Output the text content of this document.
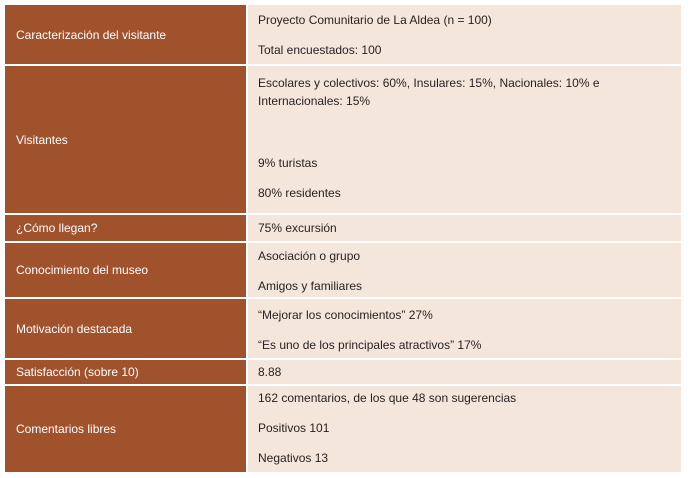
Caracterización del visitante

Proyecto Comunitario de La Aldea (n = 100)

Total encuestados: 100

Visitantes

Escolares y colectivos: 60%, Insulares: 15%, Nacionales: 10% e Internacionales: 15%

9% turistas

80% residentes

¿Cómo llegan?	75% excursión

Conocimiento del museo

Asociación o grupo

Amigos y familiares

Motivación destacada

“Mejorar los conocimientos” 27%

“Es uno de los principales atractivos” 17%

Satisfacción (sobre 10)	8.88

Comentarios libres

162 comentarios, de los que 48 son sugerencias

Positivos 101

Negativos 13
